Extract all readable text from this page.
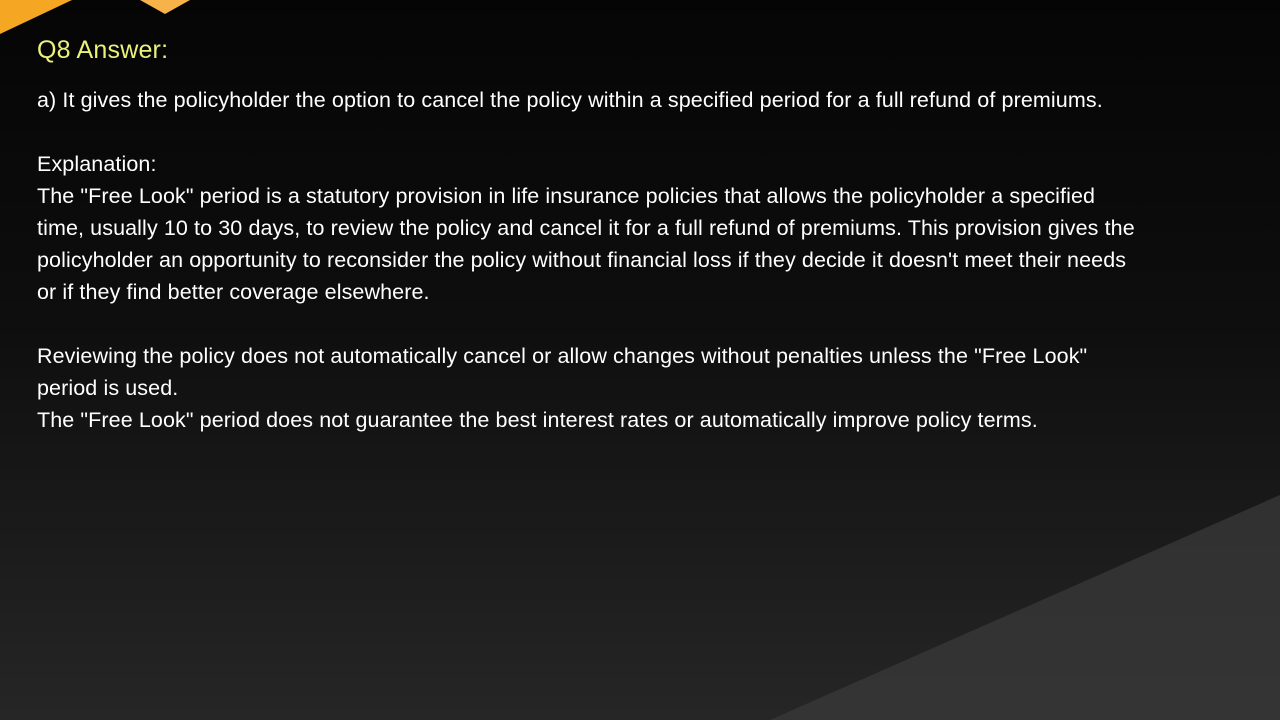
Q8 Answer:

a) It gives the policyholder the option to cancel the policy within a specified period for a full refund of premiums.

Explanation:

The "Free Look" period is a statutory provision in life insurance policies that allows the policyholder a specified time, usually 10 to 30 days, to review the policy and cancel it for a full refund of premiums. This provision gives the policyholder an opportunity to reconsider the policy without financial loss if they decide it doesn't meet their needs or if they find better coverage elsewhere.

Reviewing the policy does not automatically cancel or allow changes without penalties unless the "Free Look" period is used.

The "Free Look" period does not guarantee the best interest rates or automatically improve policy terms.
